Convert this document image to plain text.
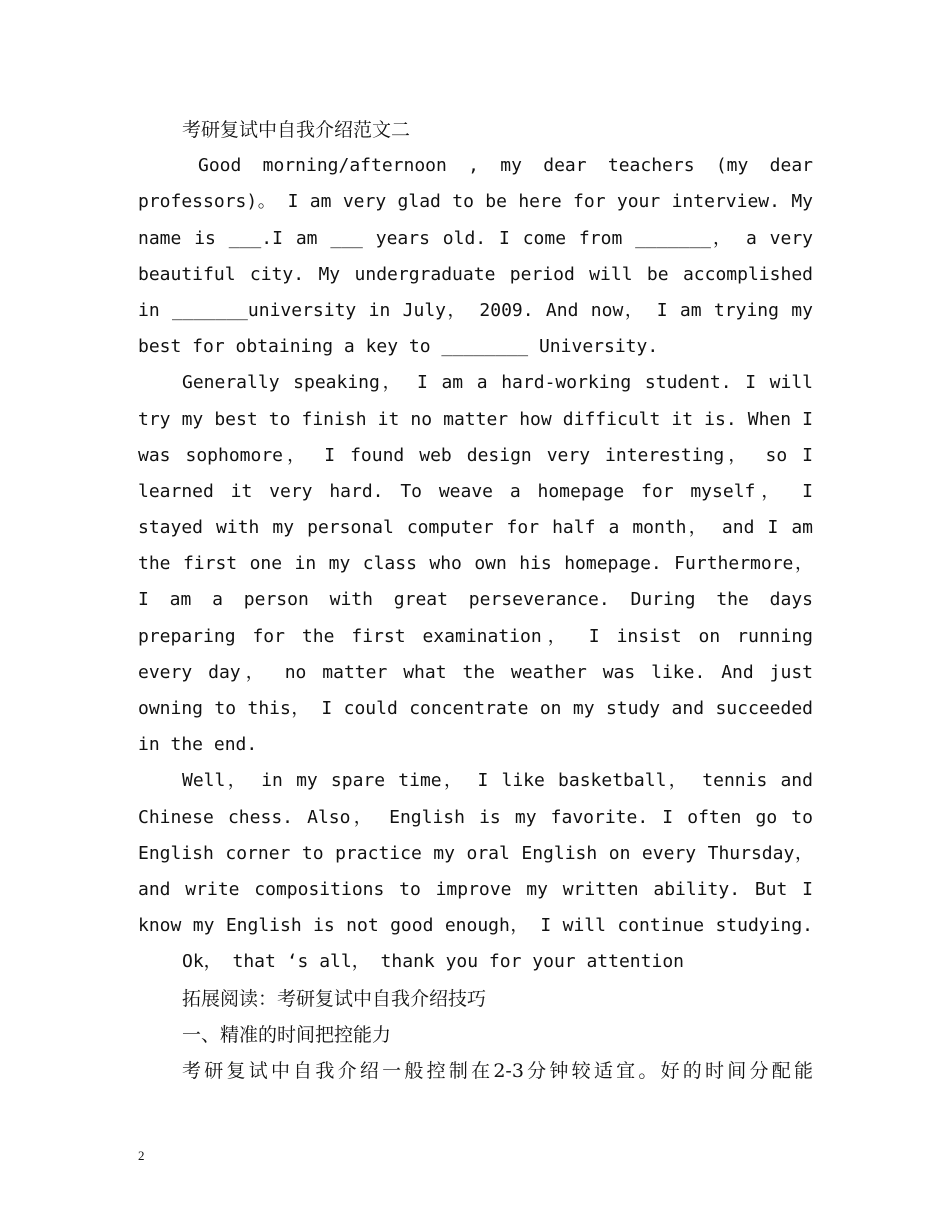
考研复试中自我介绍范文二
Good morning/afternoon , my dear teachers (my dear
professors)。 I am very glad to be here for your interview. My
name is ___.I am ___ years old. I come from _______， a very
beautiful city. My undergraduate period will be accomplished
in _______university in July， 2009. And now， I am trying my
best for obtaining a key to ________ University.
Generally speaking， I am a hard-working student. I will
try my best to finish it no matter how difficult it is. When I
was sophomore， I found web design very interesting， so I
learned it very hard. To weave a homepage for myself， I
stayed with my personal computer for half a month， and I am
the first one in my class who own his homepage. Furthermore，
I am a person with great perseverance. During the days
preparing for the first examination， I insist on running
every day， no matter what the weather was like. And just
owning to this， I could concentrate on my study and succeeded
in the end.
Well， in my spare time， I like basketball， tennis and
Chinese chess. Also， English is my favorite. I often go to
English corner to practice my oral English on every Thursday，
and write compositions to improve my written ability. But I
know my English is not good enough， I will continue studying.
Ok， that ‘s all， thank you for your attention
拓展阅读：考研复试中自我介绍技巧
一、精准的时间把控能力
考研复试中自我介绍一般控制在2-3分钟较适宜。好的时间分配能
2
